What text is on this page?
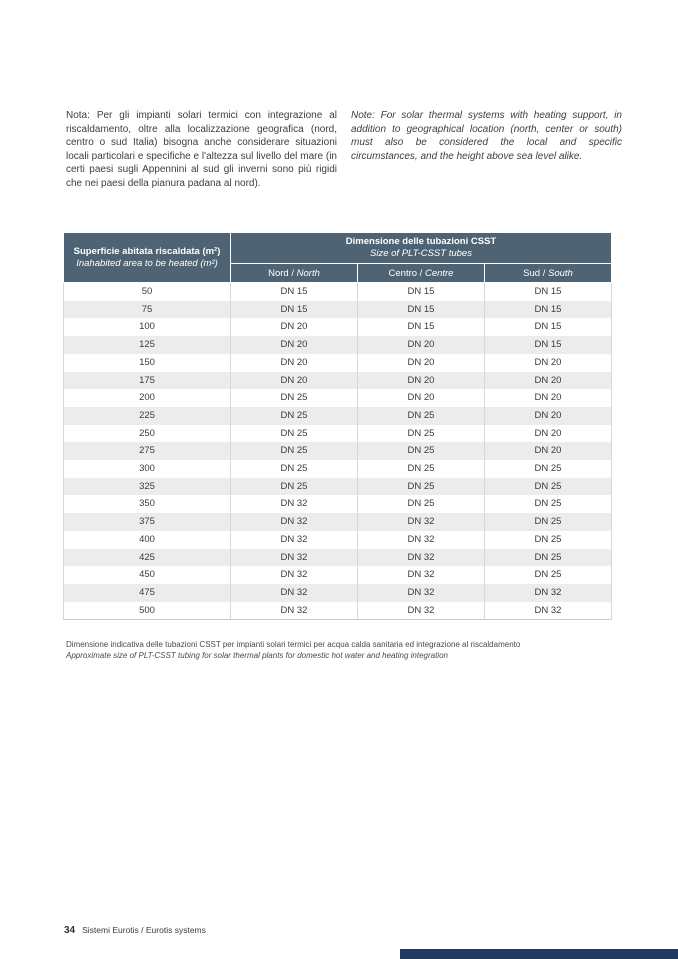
Nota: Per gli impianti solari termici con integrazione al riscaldamento, oltre alla localizzazione geografica (nord, centro o sud Italia) bisogna anche considerare situazioni locali particolari e specifiche e l'altezza sul livello del mare (in certi paesi sugli Appennini al sud gli inverni sono più rigidi che nei paesi della pianura padana al nord).

Note: For solar thermal systems with heating support, in addition to geographical location (north, center or south) must also be considered the local and specific circumstances, and the height above sea level alike.

Superficie abitata riscaldata (m²)
Inahabited area to be heated (m²)

Dimensione delle tubazioni CSST
Size of PLT-CSST tubes

	Nord / North	Centro / Centre	Sud / South
50	DN 15	DN 15	DN 15
75	DN 15	DN 15	DN 15
100	DN 20	DN 15	DN 15
125	DN 20	DN 20	DN 15
150	DN 20	DN 20	DN 20
175	DN 20	DN 20	DN 20
200	DN 25	DN 20	DN 20
225	DN 25	DN 25	DN 20
250	DN 25	DN 25	DN 20
275	DN 25	DN 25	DN 20
300	DN 25	DN 25	DN 25
325	DN 25	DN 25	DN 25
350	DN 32	DN 25	DN 25
375	DN 32	DN 32	DN 25
400	DN 32	DN 32	DN 25
425	DN 32	DN 32	DN 25
450	DN 32	DN 32	DN 25
475	DN 32	DN 32	DN 32
500	DN 32	DN 32	DN 32
Dimensione indicativa delle tubazioni CSST per impianti solari termici per acqua calda sanitaria ed integrazione al riscaldamento
Approximate size of PLT-CSST tubing for solar thermal plants for domestic hot water and heating integration
34 Sistemi Eurotis / Eurotis systems
